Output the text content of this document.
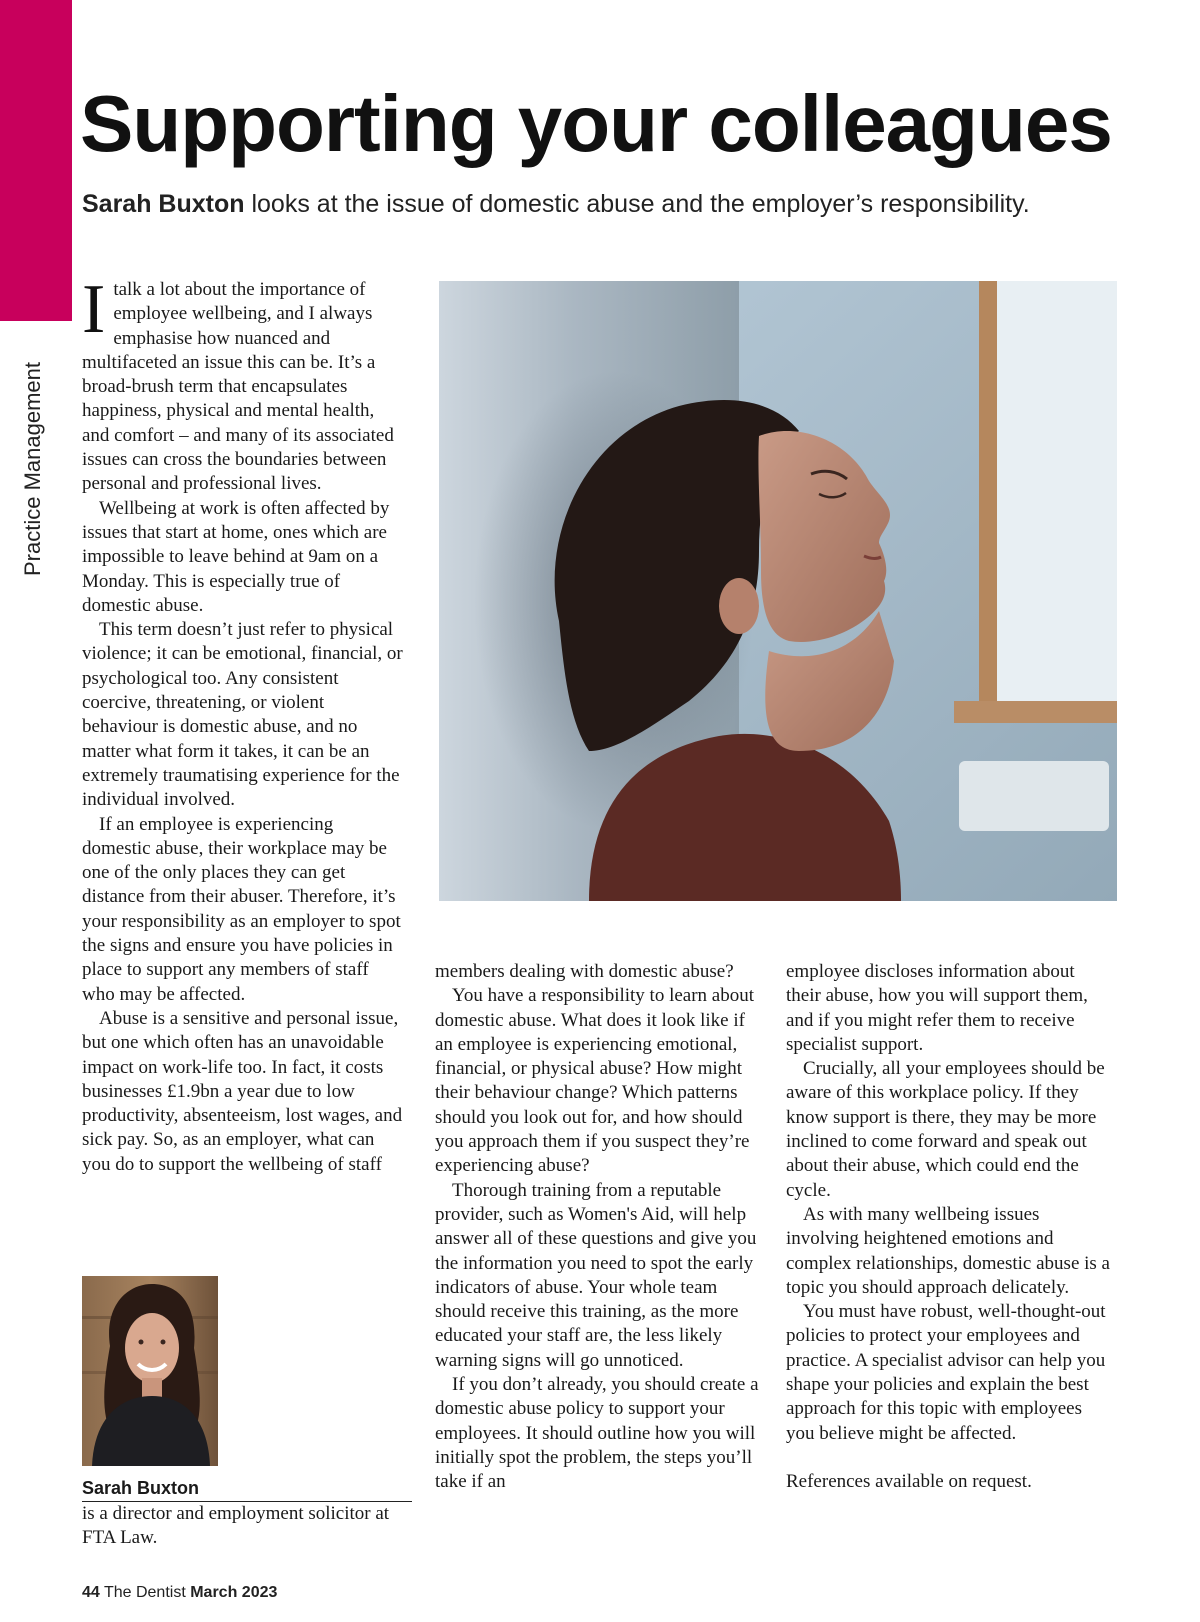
Practice Management
Supporting your colleagues
Sarah Buxton looks at the issue of domestic abuse and the employer’s responsibility.

Italk a lot about the importance of employee wellbeing, and I always emphasise how nuanced and multifaceted an issue this can be. It’s a broad-brush term that encapsulates happiness, physical and mental health, and comfort – and many of its associated issues can cross the boundaries between personal and professional lives.

Wellbeing at work is often affected by issues that start at home, ones which are impossible to leave behind at 9am on a Monday. This is especially true of domestic abuse.

This term doesn’t just refer to physical violence; it can be emotional, financial, or psychological too. Any consistent coercive, threatening, or violent behaviour is domestic abuse, and no matter what form it takes, it can be an extremely traumatising experience for the individual involved.

If an employee is experiencing domestic abuse, their workplace may be one of the only places they can get distance from their abuser. Therefore, it’s your responsibility as an employer to spot the signs and ensure you have policies in place to support any members of staff who may be affected.

Abuse is a sensitive and personal issue, but one which often has an unavoidable impact on work-life too. In fact, it costs businesses £1.9bn a year due to low productivity, absenteeism, lost wages, and sick pay. So, as an employer, what can you do to support the wellbeing of staff

members dealing with domestic abuse?

You have a responsibility to learn about domestic abuse. What does it look like if an employee is experiencing emotional, financial, or physical abuse? How might their behaviour change? Which patterns should you look out for, and how should you approach them if you suspect they’re experiencing abuse?

Thorough training from a reputable provider, such as Women's Aid, will help answer all of these questions and give you the information you need to spot the early indicators of abuse. Your whole team should receive this training, as the more educated your staff are, the less likely warning signs will go unnoticed.

If you don’t already, you should create a domestic abuse policy to support your employees. It should outline how you will initially spot the problem, the steps you’ll take if an

employee discloses information about their abuse, how you will support them, and if you might refer them to receive specialist support.

Crucially, all your employees should be aware of this workplace policy. If they know support is there, they may be more inclined to come forward and speak out about their abuse, which could end the cycle.

As with many wellbeing issues involving heightened emotions and complex relationships, domestic abuse is a topic you should approach delicately.

You must have robust, well-thought-out policies to protect your employees and practice. A specialist advisor can help you shape your policies and explain the best approach for this topic with employees you believe might be affected.

References available on request.

Sarah Buxton
is a director and employment solicitor at FTA Law.
44 The Dentist March 2023
